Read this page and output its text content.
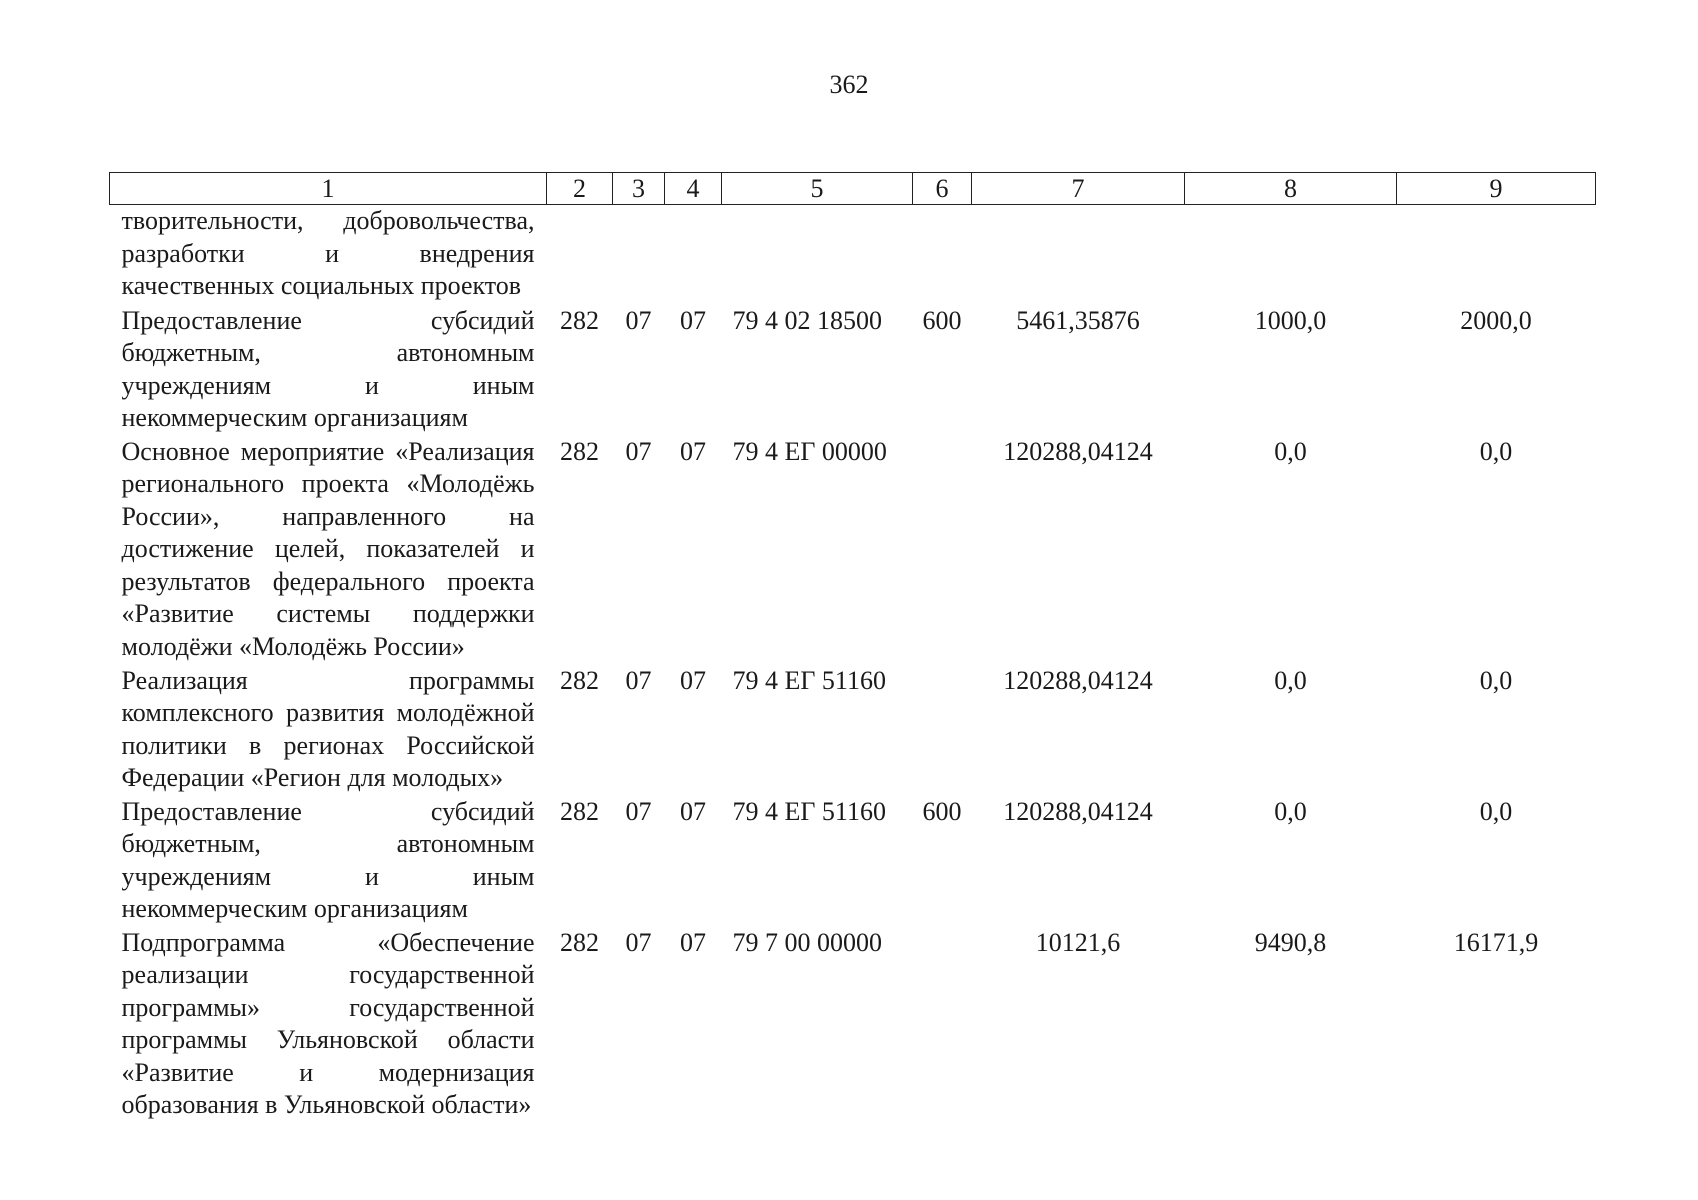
362
1	2	3	4	5	6	7	8	9
творительности, добровольчества, разработки и внедрения качественных социальных проектов								
Предоставление субсидий бюджетным, автономным учреждениям и иным некоммерческим организациям	282	07	07	79 4 02 18500	600	5461,35876	1000,0	2000,0
Основное мероприятие «Реализация регионального проекта «Молодёжь России», направленного на достижение целей, показателей и результатов федерального проекта «Развитие системы поддержки молодёжи «Молодёжь России»	282	07	07	79 4 ЕГ 00000		120288,04124	0,0	0,0
Реализация программы комплексного развития молодёжной политики в регионах Российской Федерации «Регион для молодых»	282	07	07	79 4 ЕГ 51160		120288,04124	0,0	0,0
Предоставление субсидий бюджетным, автономным учреждениям и иным некоммерческим организациям	282	07	07	79 4 ЕГ 51160	600	120288,04124	0,0	0,0
Подпрограмма «Обеспечение реализации государственной программы» государственной программы Ульяновской области «Развитие и модернизация образования в Ульяновской области»	282	07	07	79 7 00 00000		10121,6	9490,8	16171,9
